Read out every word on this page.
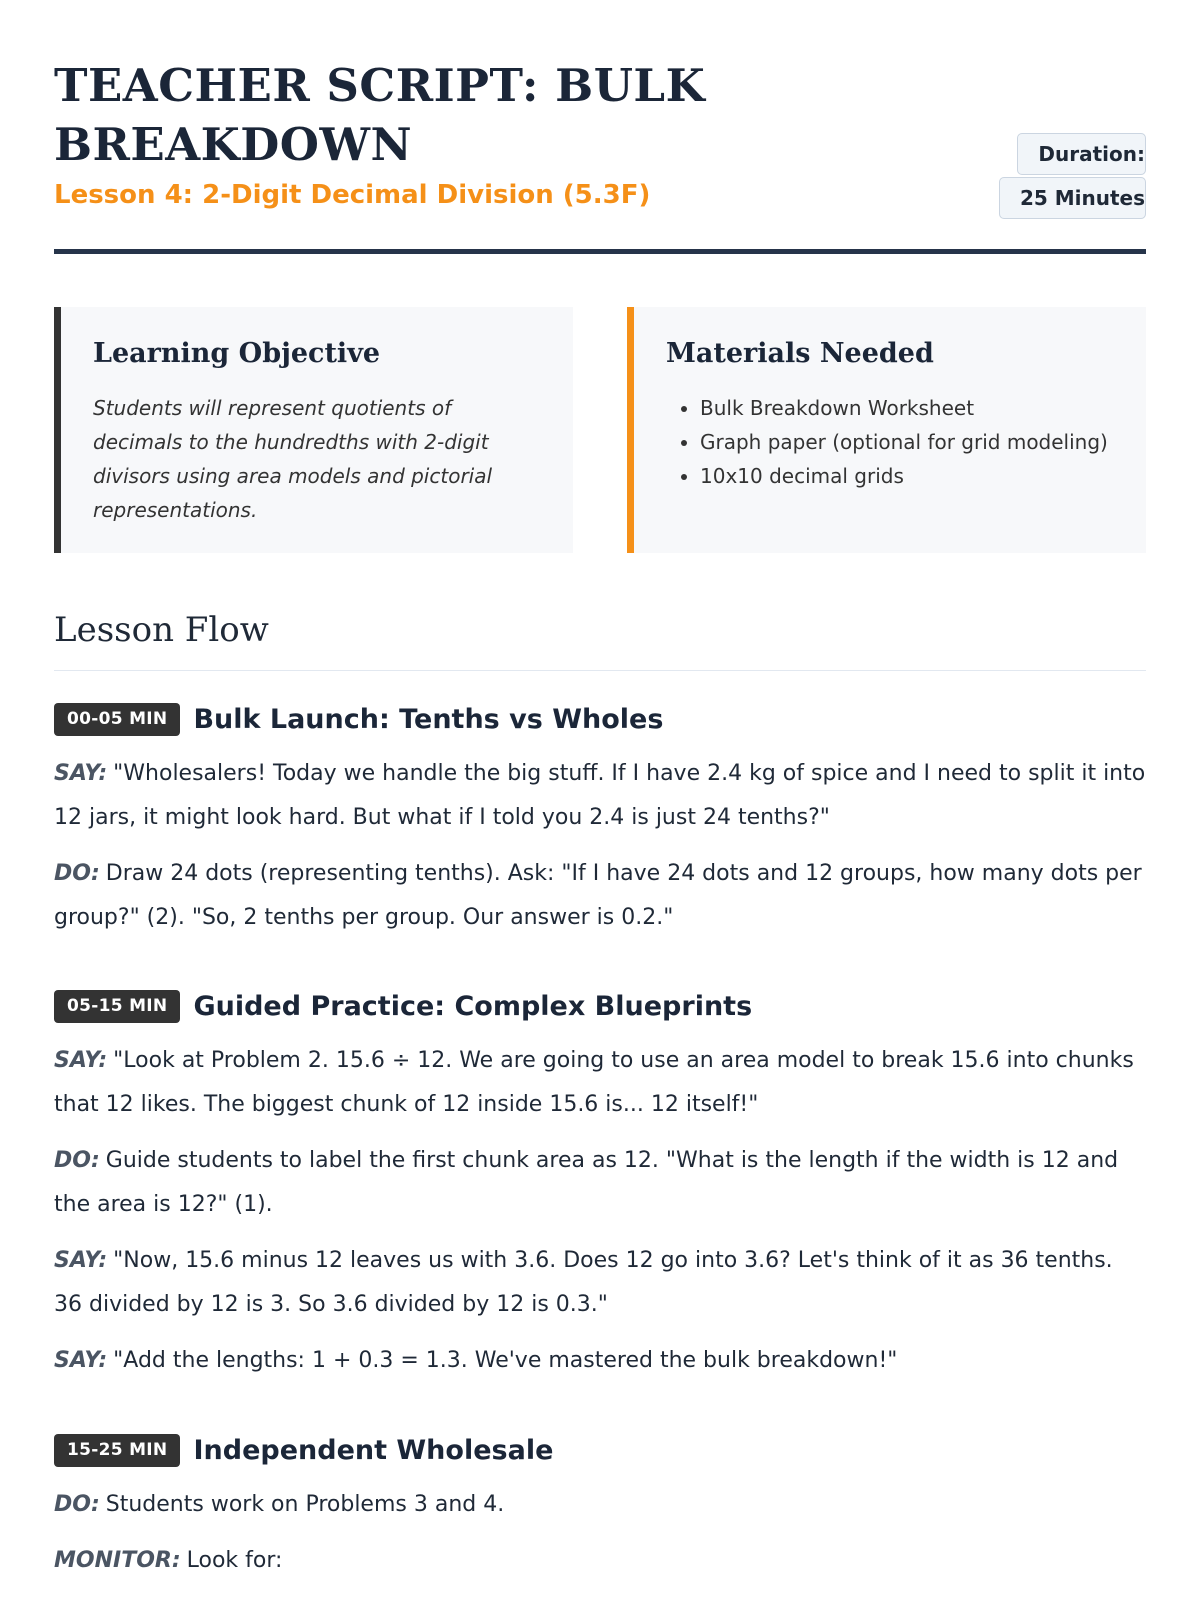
TEACHER SCRIPT: BULK BREAKDOWN

Lesson 4: 2-Digit Decimal Division (5.3F)

Duration: 25 Minutes
Learning Objective

Students will represent quotients of decimals to the hundredths with 2-digit divisors using area models and pictorial representations.

Materials Needed
• Bulk Breakdown Worksheet
• Graph paper (optional for grid modeling)
• 10x10 decimal grids
Lesson Flow
00-05 MIN Bulk Launch: Tenths vs Wholes

SAY: "Wholesalers! Today we handle the big stuff. If I have 2.4 kg of spice and I need to split it into 12 jars, it might look hard. But what if I told you 2.4 is just 24 tenths?"

DO: Draw 24 dots (representing tenths). Ask: "If I have 24 dots and 12 groups, how many dots per group?" (2). "So, 2 tenths per group. Our answer is 0.2."

05-15 MIN Guided Practice: Complex Blueprints

SAY: "Look at Problem 2. 15.6 ÷ 12. We are going to use an area model to break 15.6 into chunks that 12 likes. The biggest chunk of 12 inside 15.6 is... 12 itself!"

DO: Guide students to label the first chunk area as 12. "What is the length if the width is 12 and the area is 12?" (1).

SAY: "Now, 15.6 minus 12 leaves us with 3.6. Does 12 go into 3.6? Let's think of it as 36 tenths. 36 divided by 12 is 3. So 3.6 divided by 12 is 0.3."

SAY: "Add the lengths: 1 + 0.3 = 1.3. We've mastered the bulk breakdown!"

15-25 MIN Independent Wholesale

DO: Students work on Problems 3 and 4.

MONITOR: Look for:
